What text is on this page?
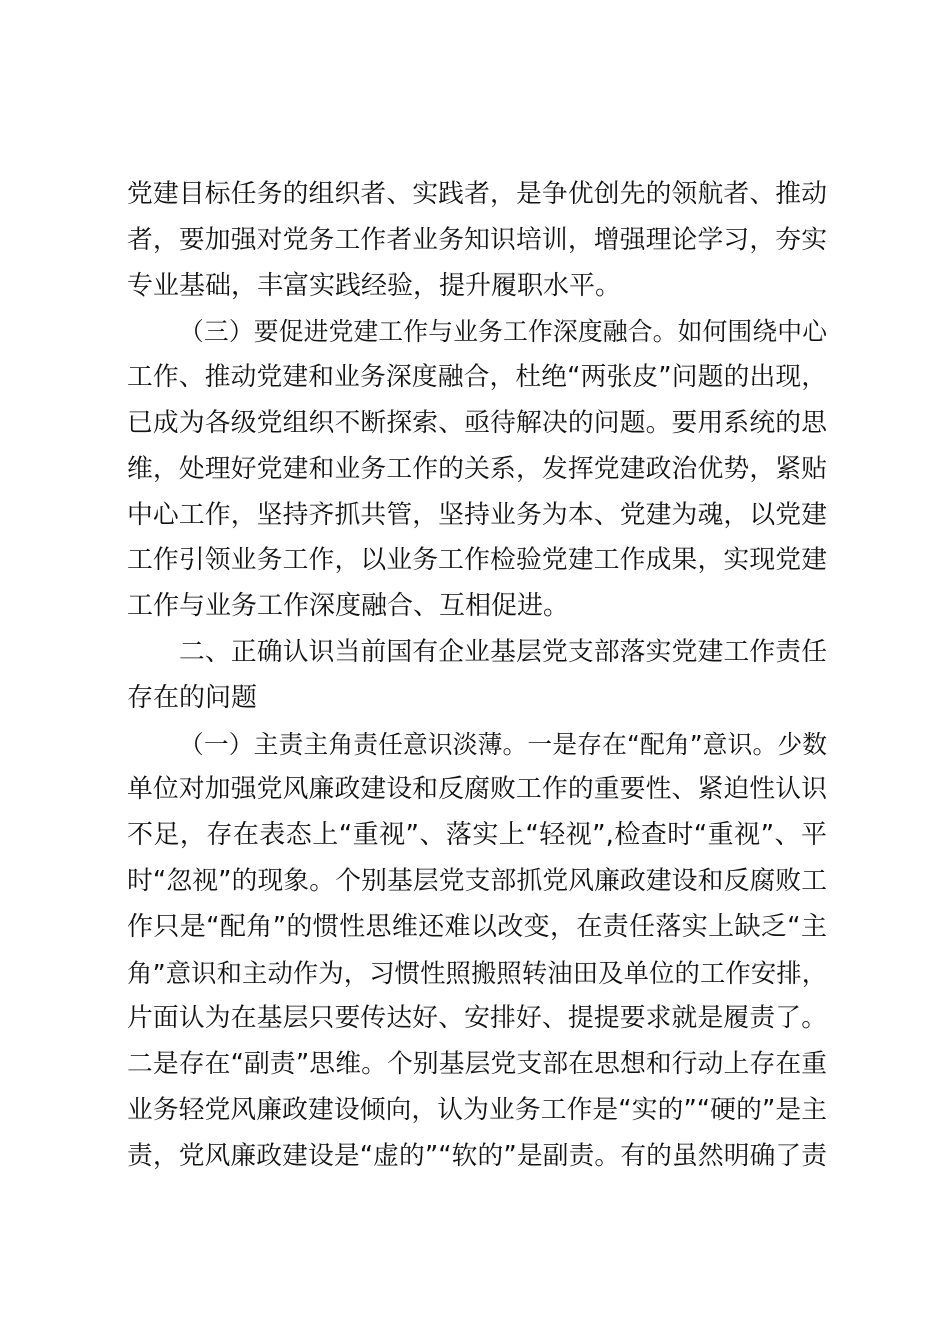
党建目标任务的组织者、实践者，是争优创先的领航者、推动
者，要加强对党务工作者业务知识培训，增强理论学习，夯实
专业基础，丰富实践经验，提升履职水平。
（三）要促进党建工作与业务工作深度融合。如何围绕中心
工作、推动党建和业务深度融合，杜绝“两张皮”问题的出现，
已成为各级党组织不断探索、亟待解决的问题。要用系统的思
维，处理好党建和业务工作的关系，发挥党建政治优势，紧贴
中心工作，坚持齐抓共管，坚持业务为本、党建为魂，以党建
工作引领业务工作，以业务工作检验党建工作成果，实现党建
工作与业务工作深度融合、互相促进。
二、正确认识当前国有企业基层党支部落实党建工作责任
存在的问题
（一）主责主角责任意识淡薄。一是存在“配角”意识。少数
单位对加强党风廉政建设和反腐败工作的重要性、紧迫性认识
不足，存在表态上“重视”、落实上“轻视”,检查时“重视”、平
时“忽视”的现象。个别基层党支部抓党风廉政建设和反腐败工
作只是“配角”的惯性思维还难以改变，在责任落实上缺乏“主
角”意识和主动作为，习惯性照搬照转油田及单位的工作安排，
片面认为在基层只要传达好、安排好、提提要求就是履责了。
二是存在“副责”思维。个别基层党支部在思想和行动上存在重
业务轻党风廉政建设倾向，认为业务工作是“实的”“硬的”是主
责，党风廉政建设是“虚的”“软的”是副责。有的虽然明确了责
